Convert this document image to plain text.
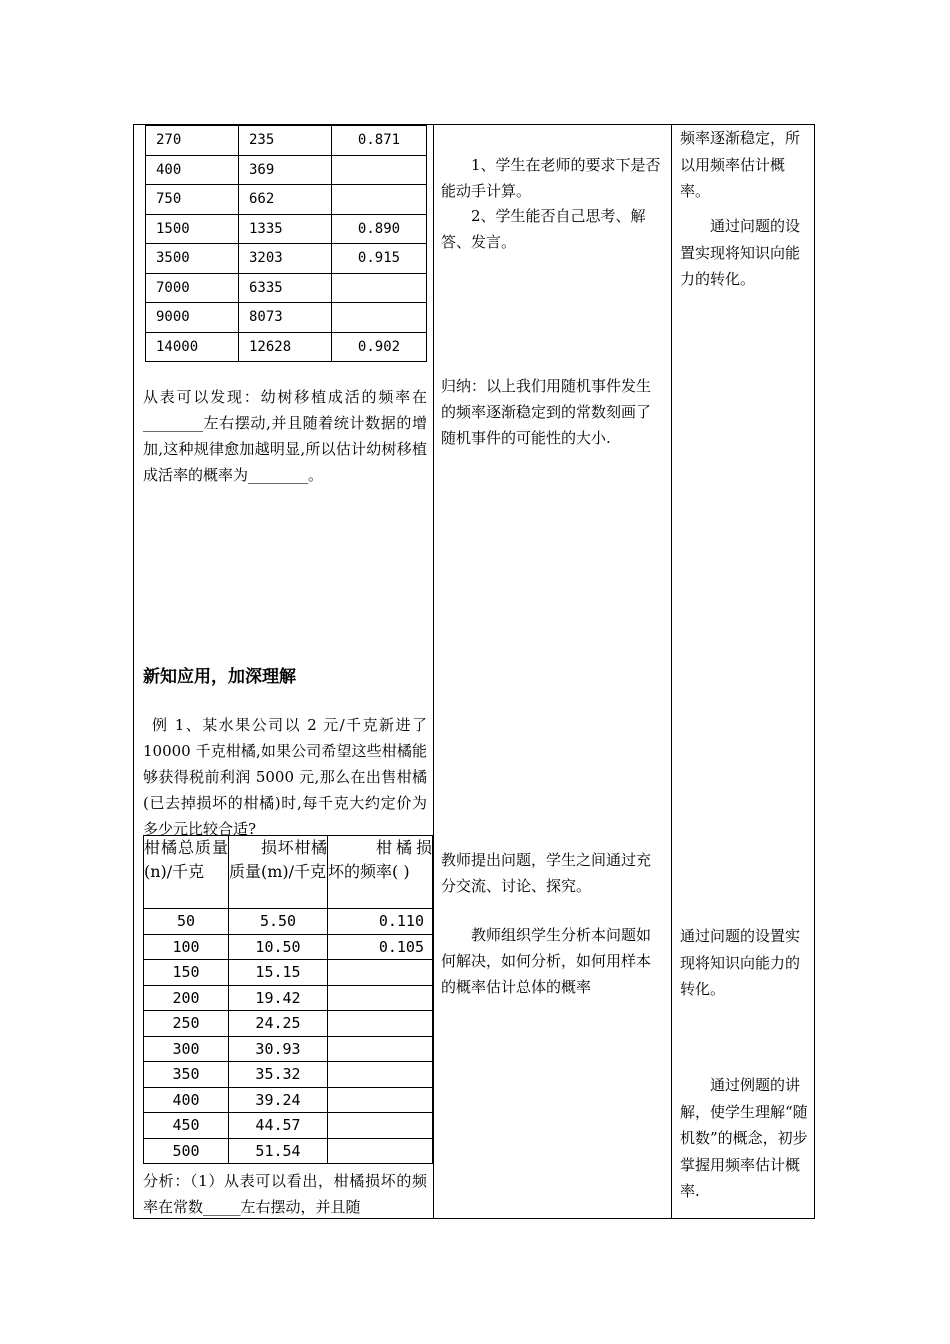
270	235	0.871
400	369	
750	662	
1500	1335	0.890
3500	3203	0.915
7000	6335	
9000	8073	
14000	12628	0.902
从表可以发现：幼树移植成活的频率在________左右摆动,并且随着统计数据的增加,这种规律愈加越明显,所以估计幼树移植成活率的概率为________。
新知应用，加深理解
例 1、某水果公司以 2 元/千克新进了 10000 千克柑橘,如果公司希望这些柑橘能够获得税前利润 5000 元,那么在出售柑橘(已去掉损坏的柑橘)时,每千克大约定价为多少元比较合适?
柑橘总质量(n)/千克	损坏柑橘质量(m)/千克	柑橘损坏的频率( )
50	5.50	0.110
100	10.50	0.105
150	15.15	
200	19.42	
250	24.25	
300	30.93	
350	35.32	
400	39.24	
450	44.57	
500	51.54	
分析：（1）从表可以看出，柑橘损坏的频率在常数_____左右摆动，并且随
1、学生在老师的要求下是否能动手计算。
2、学生能否自己思考、解答、发言。
归纳：以上我们用随机事件发生的频率逐渐稳定到的常数刻画了随机事件的可能性的大小.
教师提出问题，学生之间通过充分交流、讨论、探究。
教师组织学生分析本问题如何解决，如何分析，如何用样本的概率估计总体的概率
频率逐渐稳定，所以用频率估计概率。
通过问题的设置实现将知识向能力的转化。
通过问题的设置实现将知识向能力的转化。
通过例题的讲解，使学生理解“随机数”的概念，初步掌握用频率估计概率.
